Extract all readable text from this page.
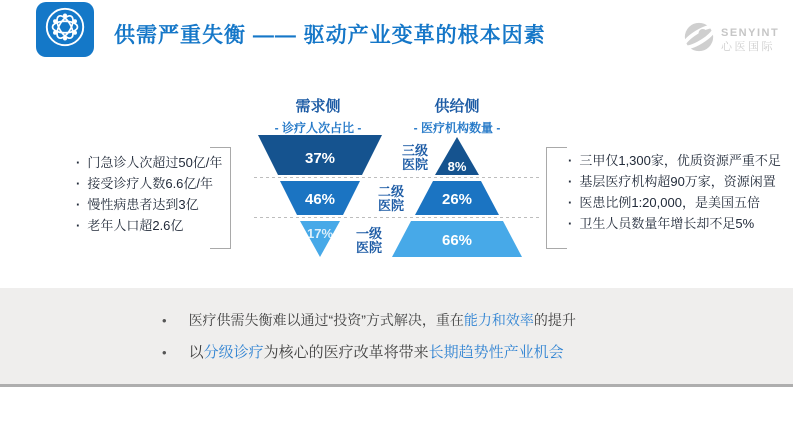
供需严重失衡 —— 驱动产业变革的根本因素	SENYINT
心医国际
需求侧
- 诊疗人次占比 -
供给侧
- 医疗机构数量 -
37%
46%
17%
8%
26%
66%
三级
医院
二级
医院
一级
医院
· 门急诊人次超过50亿/年
· 接受诊疗人数6.6亿/年
· 慢性病患者达到3亿
· 老年人口超2.6亿
· 三甲仅1,300家，优质资源严重不足
· 基层医疗机构超90万家，资源闲置
· 医患比例1:20,000，是美国五倍
· 卫生人员数量年增长却不足5%
• 医疗供需失衡难以通过“投资”方式解决，重在能力和效率的提升
• 以分级诊疗为核心的医疗改革将带来长期趋势性产业机会
